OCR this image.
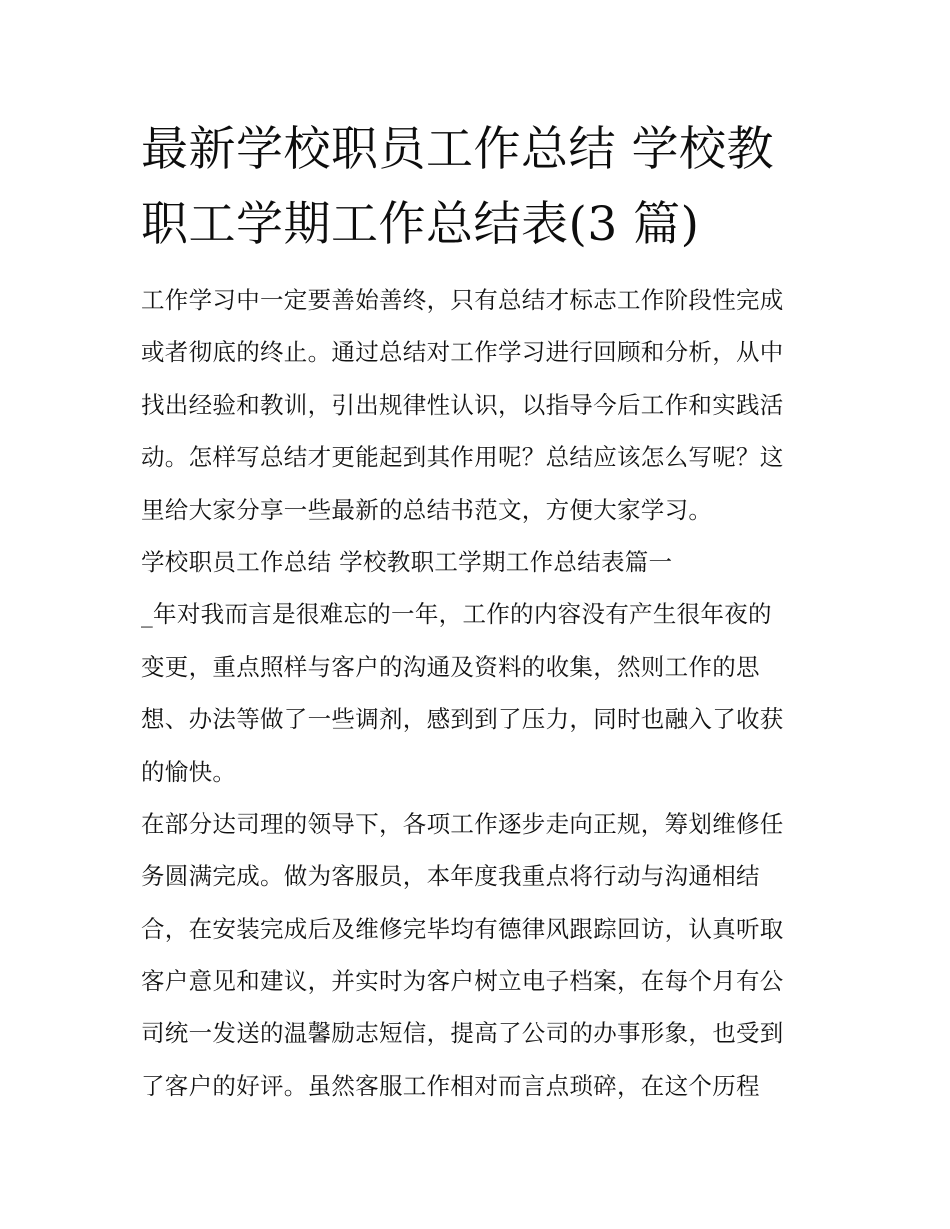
最新学校职员工作总结 学校教
职工学期工作总结表(3 篇)
工作学习中一定要善始善终，只有总结才标志工作阶段性完成
或者彻底的终止。通过总结对工作学习进行回顾和分析，从中
找出经验和教训，引出规律性认识，以指导今后工作和实践活
动。怎样写总结才更能起到其作用呢？总结应该怎么写呢？这
里给大家分享一些最新的总结书范文，方便大家学习。
学校职员工作总结 学校教职工学期工作总结表篇一
_年对我而言是很难忘的一年，工作的内容没有产生很年夜的
变更，重点照样与客户的沟通及资料的收集，然则工作的思
想、办法等做了一些调剂，感到到了压力，同时也融入了收获
的愉快。
在部分达司理的领导下，各项工作逐步走向正规，筹划维修任
务圆满完成。做为客服员，本年度我重点将行动与沟通相结
合，在安装完成后及维修完毕均有德律风跟踪回访，认真听取
客户意见和建议，并实时为客户树立电子档案，在每个月有公
司统一发送的温馨励志短信，提高了公司的办事形象，也受到
了客户的好评。虽然客服工作相对而言点琐碎，在这个历程
